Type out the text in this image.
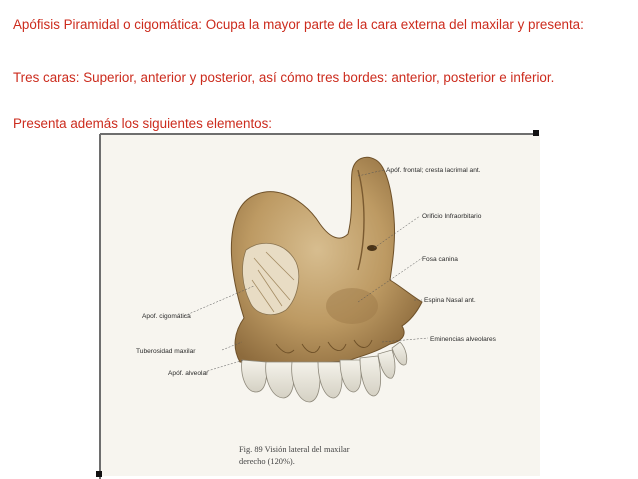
Apófisis Piramidal o cigomática: Ocupa la mayor parte de la cara externa del maxilar y presenta:
Tres caras: Superior, anterior y posterior, así cómo tres bordes: anterior, posterior e inferior.
Presenta además los siguientes elementos:
Apóf. frontal; cresta lacrimal ant.
Orificio Infraorbitario
Fosa canina
Espina Nasal ant.
Eminencias alveolares
Apof. cigomática
Tuberosidad maxilar
Apóf. alveolar
Fig. 89 Visión lateral del maxilar
derecho (120%).
